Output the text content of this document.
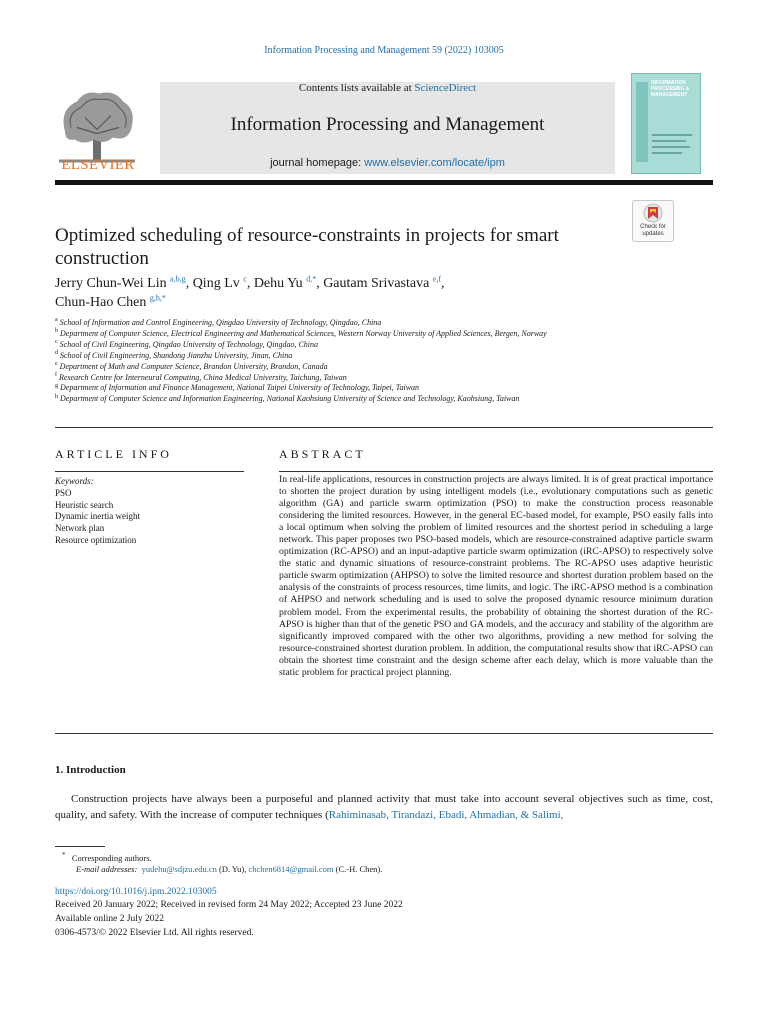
Information Processing and Management 59 (2022) 103005
ELSEVIER
Contents lists available at ScienceDirect
Information Processing and Management
journal homepage: www.elsevier.com/locate/ipm
INFORMATION PROCESSING & MANAGEMENT
Check for updates
Optimized scheduling of resource-constraints in projects for smart construction
Jerry Chun-Wei Lin $^{a,b,g}$, Qing Lv $^c$, Dehu Yu $^{d,*}$, Gautam Srivastava $^{e,f}$,
Chun-Hao Chen $^{g,h,*}$
$^a$ School of Information and Control Engineering, Qingdao University of Technology, Qingdao, China
$^b$ Department of Computer Science, Electrical Engineering and Mathematical Sciences, Western Norway University of Applied Sciences, Bergen, Norway
$^c$ School of Civil Engineering, Qingdao University of Technology, Qingdao, China
$^d$ School of Civil Engineering, Shandong Jianzhu University, Jinan, China
$^e$ Department of Math and Computer Science, Brandon University, Brandon, Canada
$^f$ Research Centre for Interneural Computing, China Medical University, Taichung, Taiwan
$^g$ Department of Information and Finance Management, National Taipei University of Technology, Taipei, Taiwan
$^h$ Department of Computer Science and Information Engineering, National Kaohsiung University of Science and Technology, Kaohsiung, Taiwan
ARTICLE INFO
Keywords:
PSO
Heuristic search
Dynamic inertia weight
Network plan
Resource optimization
ABSTRACT
In real-life applications, resources in construction projects are always limited. It is of great practical importance to shorten the project duration by using intelligent models (i.e., evolutionary computations such as genetic algorithm (GA) and particle swarm optimization (PSO) to make the construction process reasonable considering the limited resources. However, in the general EC-based model, for example, PSO easily falls into a local optimum when solving the problem of limited resources and the shortest period in scheduling a large network. This paper proposes two PSO-based models, which are resource-constrained adaptive particle swarm optimization (RC-APSO) and an input-adaptive particle swarm optimization (iRC-APSO) to respectively solve the static and dynamic situations of resource-constraint problems. The RC-APSO uses adaptive heuristic particle swarm optimization (AHPSO) to solve the limited resource and shortest duration problem based on the analysis of the constraints of process resources, time limits, and logic. The iRC-APSO method is a combination of AHPSO and network scheduling and is used to solve the proposed dynamic resource minimum duration problem model. From the experimental results, the probability of obtaining the shortest duration of the RC-APSO is higher than that of the genetic PSO and GA models, and the accuracy and stability of the algorithm are significantly improved compared with the other two algorithms, providing a new method for solving the resource-constrained shortest duration problem. In addition, the computational results show that iRC-APSO can obtain the shortest time constraint and the design scheme after each delay, which is more valuable than the static problem for practical project planning.
1. Introduction
Construction projects have always been a purposeful and planned activity that must take into account several objectives such as time, cost, quality, and safety. With the increase of computer techniques (Rahiminasab, Tirandazi, Ebadi, Ahmadian, & Salimi,
* Corresponding authors.
E-mail addresses: yudehu@sdjzu.edu.cn (D. Yu), chchen6814@gmail.com (C.-H. Chen).
https://doi.org/10.1016/j.ipm.2022.103005
Received 20 January 2022; Received in revised form 24 May 2022; Accepted 23 June 2022
Available online 2 July 2022
0306-4573/© 2022 Elsevier Ltd. All rights reserved.
